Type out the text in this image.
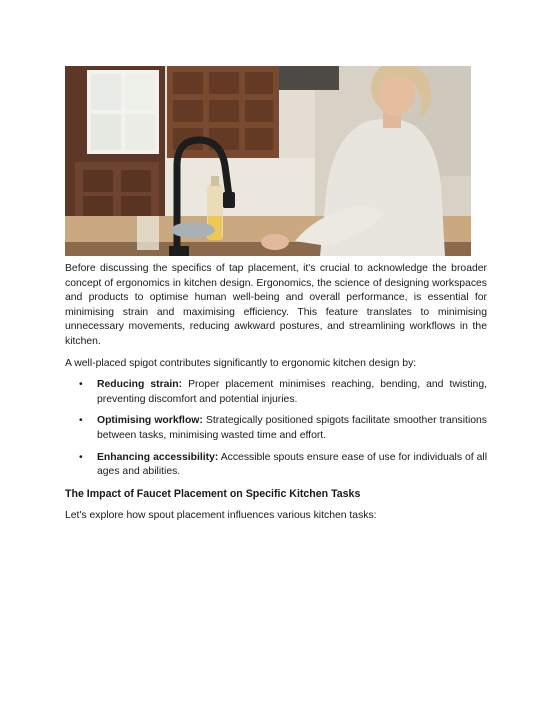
Before discussing the specifics of tap placement, it's crucial to acknowledge the broader concept of ergonomics in kitchen design. Ergonomics, the science of designing workspaces and products to optimise human well-being and overall performance, is essential for minimising strain and maximising efficiency. This feature translates to minimising unnecessary movements, reducing awkward postures, and streamlining workflows in the kitchen.

A well-placed spigot contributes significantly to ergonomic kitchen design by:

• Reducing strain: Proper placement minimises reaching, bending, and twisting, preventing discomfort and potential injuries.
• Optimising workflow: Strategically positioned spigots facilitate smoother transitions between tasks, minimising wasted time and effort.
• Enhancing accessibility: Accessible spouts ensure ease of use for individuals of all ages and abilities.
The Impact of Faucet Placement on Specific Kitchen Tasks

Let's explore how spout placement influences various kitchen tasks:
